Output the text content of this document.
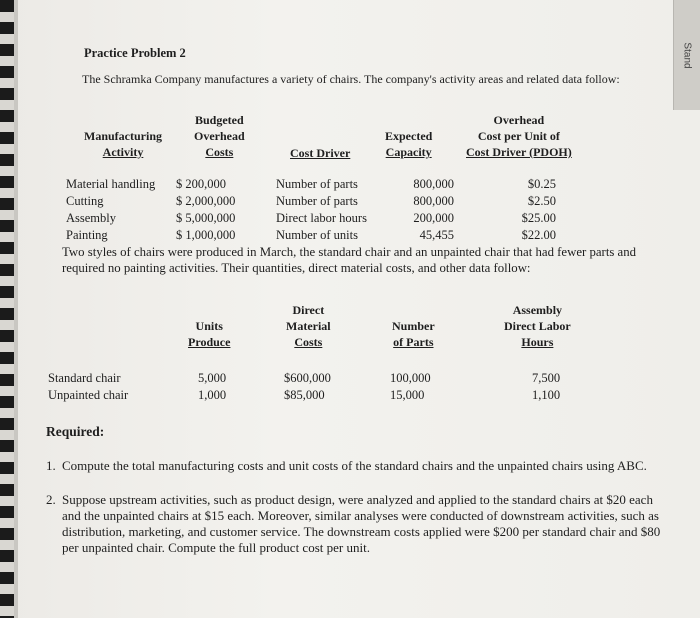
Stand
Practice Problem 2
The Schramka Company manufactures a variety of chairs. The company's activity areas and related data follow:
Manufacturing
Activity
Budgeted
Overhead
Costs	Cost Driver
Expected
Capacity
Overhead
Cost per Unit of
Cost Driver (PDOH)
Material handling
Cutting
Assembly
Painting
$ 200,000
$ 2,000,000
$ 5,000,000
$ 1,000,000
Number of parts
Number of parts
Direct labor hours
Number of units
800,000
800,000
200,000
45,455
$0.25
$2.50
$25.00
$22.00
Two styles of chairs were produced in March, the standard chair and an unpainted chair that had fewer parts and required no painting activities. Their quantities, direct material costs, and other data follow:
Units
Produce
Direct
Material
Costs
Number
of Parts
Assembly
Direct Labor
Hours
Standard chair
Unpainted chair
5,000
1,000
$600,000
$85,000
100,000
15,000
7,500
1,100
Required:
1. Compute the total manufacturing costs and unit costs of the standard chairs and the unpainted chairs using ABC.
2. Suppose upstream activities, such as product design, were analyzed and applied to the standard chairs at $20 each and the unpainted chairs at $15 each. Moreover, similar analyses were conducted of downstream activities, such as distribution, marketing, and customer service. The downstream costs applied were $200 per standard chair and $80 per unpainted chair. Compute the full product cost per unit.
